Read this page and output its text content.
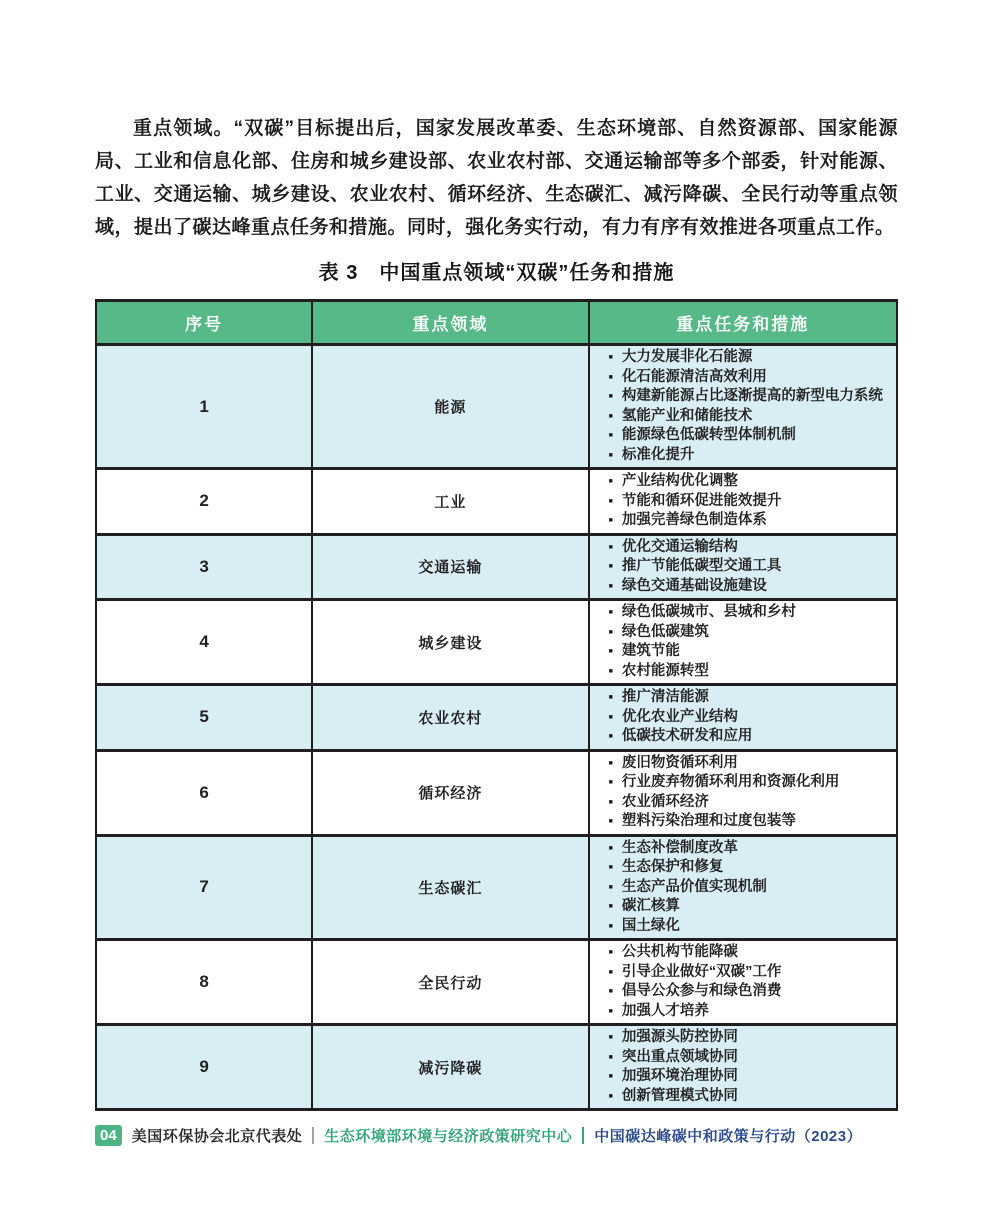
重点领域。“双碳”目标提出后，国家发展改革委、生态环境部、自然资源部、国家能源局、工业和信息化部、住房和城乡建设部、农业农村部、交通运输部等多个部委，针对能源、工业、交通运输、城乡建设、农业农村、循环经济、生态碳汇、减污降碳、全民行动等重点领域，提出了碳达峰重点任务和措施。同时，强化务实行动，有力有序有效推进各项重点工作。

表 3　中国重点领域“双碳”任务和措施
序号	重点领域	重点任务和措施
1	能源	
■ 大力发展非化石能源
■ 化石能源清洁高效利用
■ 构建新能源占比逐渐提高的新型电力系统
■ 氢能产业和储能技术
■ 能源绿色低碳转型体制机制
■ 标准化提升

2	工业	
■ 产业结构优化调整
■ 节能和循环促进能效提升
■ 加强完善绿色制造体系

3	交通运输	
■ 优化交通运输结构
■ 推广节能低碳型交通工具
■ 绿色交通基础设施建设

4	城乡建设	
■ 绿色低碳城市、县城和乡村
■ 绿色低碳建筑
■ 建筑节能
■ 农村能源转型

5	农业农村	
■ 推广清洁能源
■ 优化农业产业结构
■ 低碳技术研发和应用

6	循环经济	
■ 废旧物资循环利用
■ 行业废弃物循环利用和资源化利用
■ 农业循环经济
■ 塑料污染治理和过度包装等

7	生态碳汇	
■ 生态补偿制度改革
■ 生态保护和修复
■ 生态产品价值实现机制
■ 碳汇核算
■ 国土绿化

8	全民行动	
■ 公共机构节能降碳
■ 引导企业做好“双碳”工作
■ 倡导公众参与和绿色消费
■ 加强人才培养

9	减污降碳	
■ 加强源头防控协同
■ 突出重点领域协同
■ 加强环境治理协同
■ 创新管理模式协同
04	美国环保协会北京代表处 生态环境部环境与经济政策研究中心 中国碳达峰碳中和政策与行动（2023）
